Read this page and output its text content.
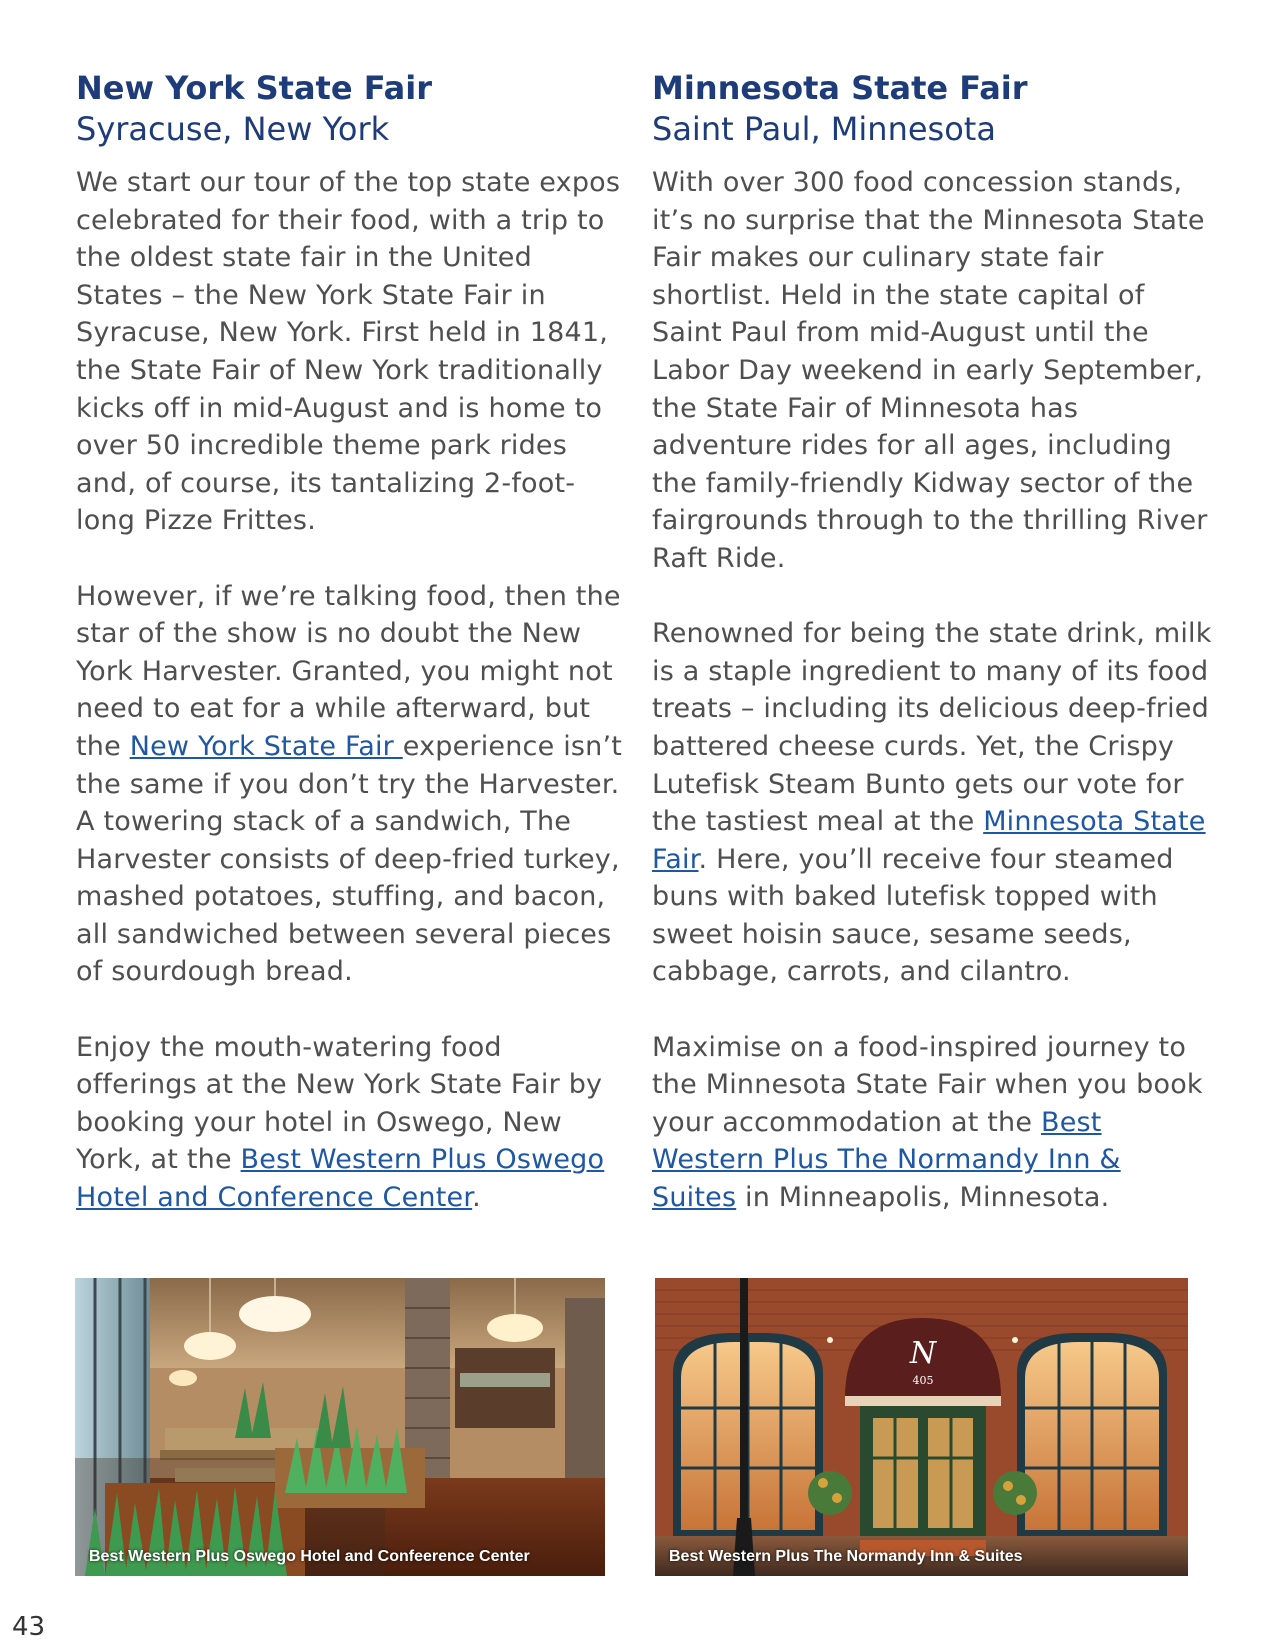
New York State Fair
Syracuse, New York

We start our tour of the top state expos celebrated for their food, with a trip to the oldest state fair in the United States – the New York State Fair in Syracuse, New York. First held in 1841, the State Fair of New York traditionally kicks off in mid-August and is home to over 50 incredible theme park rides and, of course, its tantalizing 2-foot-long Pizze Frittes.

However, if we’re talking food, then the star of the show is no doubt the New York Harvester. Granted, you might not need to eat for a while afterward, but the New York State Fair experience isn’t the same if you don’t try the Harvester. A towering stack of a sandwich, The Harvester consists of deep-fried turkey, mashed potatoes, stuffing, and bacon, all sandwiched between several pieces of sourdough bread.

Enjoy the mouth-watering food offerings at the New York State Fair by booking your hotel in Oswego, New York, at the Best Western Plus Oswego Hotel and Conference Center.

Minnesota State Fair
Saint Paul, Minnesota

With over 300 food concession stands, it’s no surprise that the Minnesota State Fair makes our culinary state fair shortlist. Held in the state capital of Saint Paul from mid-August until the Labor Day weekend in early September, the State Fair of Minnesota has adventure rides for all ages, including the family-friendly Kidway sector of the fairgrounds through to the thrilling River Raft Ride.

Renowned for being the state drink, milk is a staple ingredient to many of its food treats – including its delicious deep-fried battered cheese curds. Yet, the Crispy Lutefisk Steam Bunto gets our vote for the tastiest meal at the Minnesota State Fair. Here, you’ll receive four steamed buns with baked lutefisk topped with sweet hoisin sauce, sesame seeds, cabbage, carrots, and cilantro.

Maximise on a food-inspired journey to the Minnesota State Fair when you book your accommodation at the Best Western Plus The Normandy Inn & Suites in Minneapolis, Minnesota.

Best Western Plus Oswego Hotel and Confeerence Center
N
405
Best Western Plus The Normandy Inn & Suites
43
